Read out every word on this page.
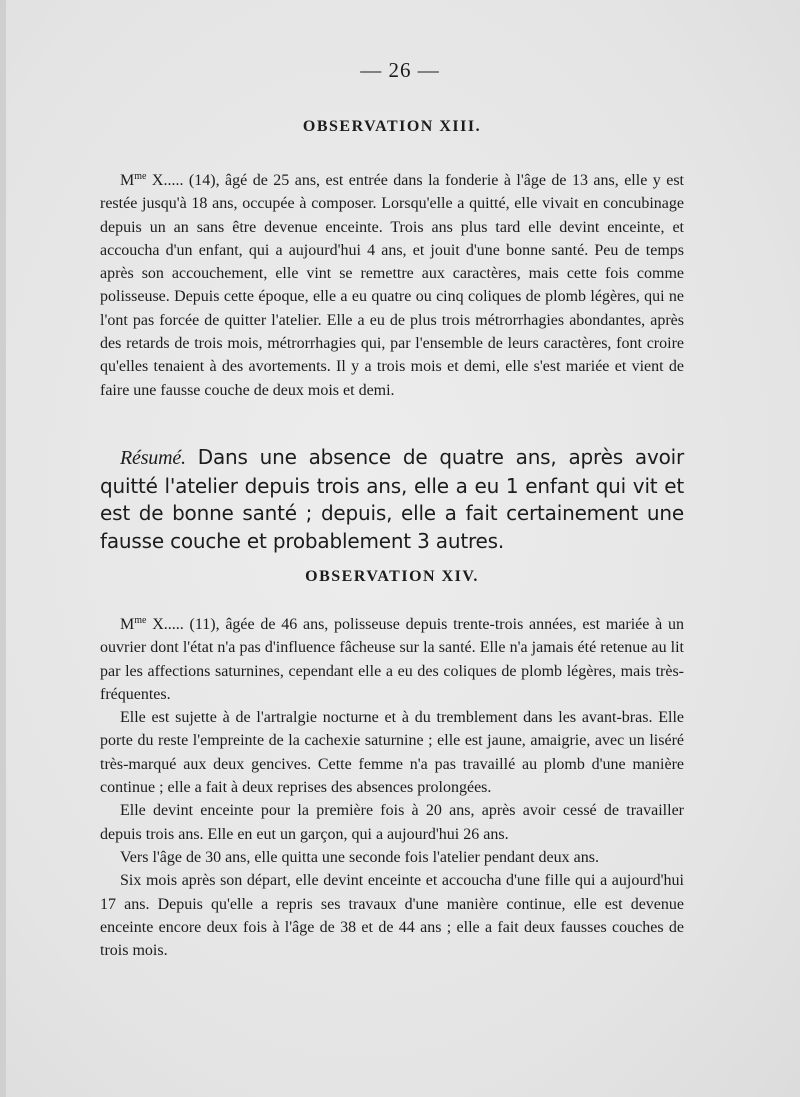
— 26 —
OBSERVATION XIII.

$M^{me}$ X..... (14), âgé de 25 ans, est entrée dans la fonderie à l'âge de 13 ans, elle y est restée jusqu'à 18 ans, occupée à composer. Lorsqu'elle a quitté, elle vivait en concubinage depuis un an sans être devenue enceinte. Trois ans plus tard elle devint enceinte, et accoucha d'un enfant, qui a aujourd'hui 4 ans, et jouit d'une bonne santé. Peu de temps après son accouchement, elle vint se remettre aux caractères, mais cette fois comme polisseuse. Depuis cette époque, elle a eu quatre ou cinq coliques de plomb légères, qui ne l'ont pas forcée de quitter l'atelier. Elle a eu de plus trois métrorrhagies abondantes, après des retards de trois mois, métrorrhagies qui, par l'ensemble de leurs caractères, font croire qu'elles tenaient à des avortements. Il y a trois mois et demi, elle s'est mariée et vient de faire une fausse couche de deux mois et demi.

Résumé. Dans une absence de quatre ans, après avoir quitté l'atelier depuis trois ans, elle a eu 1 enfant qui vit et est de bonne santé ; depuis, elle a fait certainement une fausse couche et probablement 3 autres.

OBSERVATION XIV.

$M^{me}$ X..... (11), âgée de 46 ans, polisseuse depuis trente-trois années, est mariée à un ouvrier dont l'état n'a pas d'influence fâcheuse sur la santé. Elle n'a jamais été retenue au lit par les affections saturnines, cependant elle a eu des coliques de plomb légères, mais très-fréquentes.

Elle est sujette à de l'artralgie nocturne et à du tremblement dans les avant-bras. Elle porte du reste l'empreinte de la cachexie saturnine ; elle est jaune, amaigrie, avec un liséré très-marqué aux deux gencives. Cette femme n'a pas travaillé au plomb d'une manière continue ; elle a fait à deux reprises des absences prolongées.

Elle devint enceinte pour la première fois à 20 ans, après avoir cessé de travailler depuis trois ans. Elle en eut un garçon, qui a aujourd'hui 26 ans.

Vers l'âge de 30 ans, elle quitta une seconde fois l'atelier pendant deux ans.

Six mois après son départ, elle devint enceinte et accoucha d'une fille qui a aujourd'hui 17 ans. Depuis qu'elle a repris ses travaux d'une manière continue, elle est devenue enceinte encore deux fois à l'âge de 38 et de 44 ans ; elle a fait deux fausses couches de trois mois.
